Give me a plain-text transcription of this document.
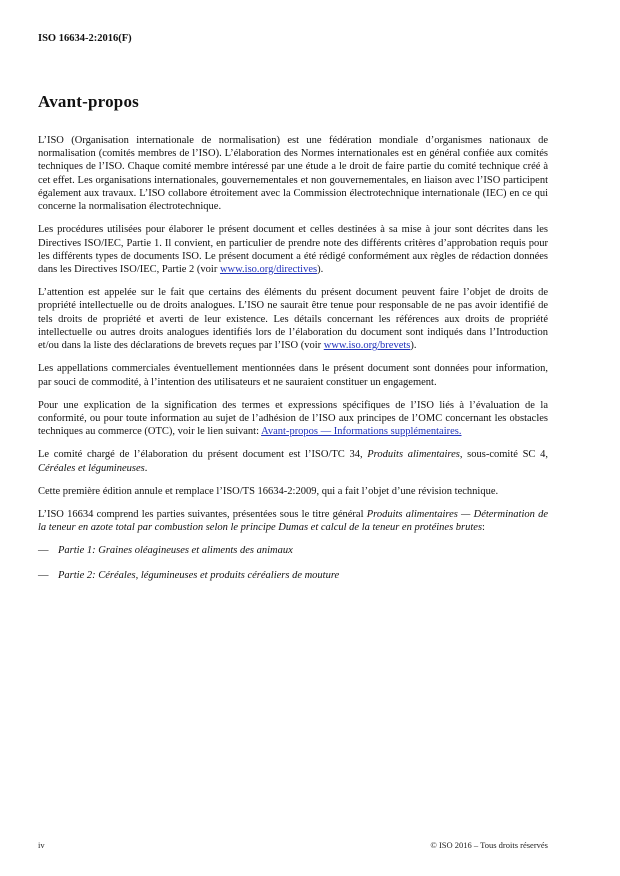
ISO 16634-2:2016(F)
Avant-propos

L’ISO (Organisation internationale de normalisation) est une fédération mondiale d’organismes nationaux de normalisation (comités membres de l’ISO). L’élaboration des Normes internationales est en général confiée aux comités techniques de l’ISO. Chaque comité membre intéressé par une étude a le droit de faire partie du comité technique créé à cet effet. Les organisations internationales, gouvernementales et non gouvernementales, en liaison avec l’ISO participent également aux travaux. L’ISO collabore étroitement avec la Commission électrotechnique internationale (IEC) en ce qui concerne la normalisation électrotechnique.

Les procédures utilisées pour élaborer le présent document et celles destinées à sa mise à jour sont décrites dans les Directives ISO/IEC, Partie 1. Il convient, en particulier de prendre note des différents critères d’approbation requis pour les différents types de documents ISO. Le présent document a été rédigé conformément aux règles de rédaction données dans les Directives ISO/IEC, Partie 2 (voir www.iso.org/directives).

L’attention est appelée sur le fait que certains des éléments du présent document peuvent faire l’objet de droits de propriété intellectuelle ou de droits analogues. L’ISO ne saurait être tenue pour responsable de ne pas avoir identifié de tels droits de propriété et averti de leur existence. Les détails concernant les références aux droits de propriété intellectuelle ou autres droits analogues identifiés lors de l’élaboration du document sont indiqués dans l’Introduction et/ou dans la liste des déclarations de brevets reçues par l’ISO (voir www.iso.org/brevets).

Les appellations commerciales éventuellement mentionnées dans le présent document sont données pour information, par souci de commodité, à l’intention des utilisateurs et ne sauraient constituer un engagement.

Pour une explication de la signification des termes et expressions spécifiques de l’ISO liés à l’évaluation de la conformité, ou pour toute information au sujet de l’adhésion de l’ISO aux principes de l’OMC concernant les obstacles techniques au commerce (OTC), voir le lien suivant: Avant-propos — Informations supplémentaires.

Le comité chargé de l’élaboration du présent document est l’ISO/TC 34, Produits alimentaires, sous-comité SC 4, Céréales et légumineuses.

Cette première édition annule et remplace l’ISO/TS 16634-2:2009, qui a fait l’objet d’une révision technique.

L’ISO 16634 comprend les parties suivantes, présentées sous le titre général Produits alimentaires — Détermination de la teneur en azote total par combustion selon le principe Dumas et calcul de la teneur en protéines brutes:

— Partie 1: Graines oléagineuses et aliments des animaux
— Partie 2: Céréales, légumineuses et produits céréaliers de mouture
iv	© ISO 2016 – Tous droits réservés
